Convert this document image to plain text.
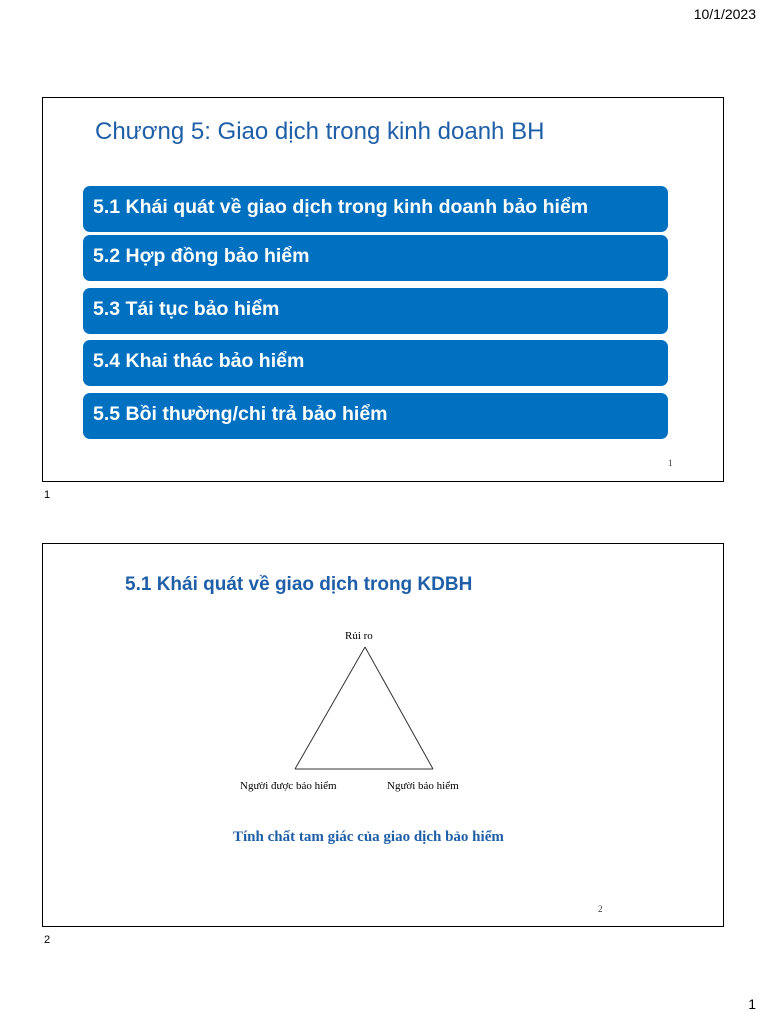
10/1/2023
Chương 5: Giao dịch trong kinh doanh BH
5.1 Khái quát về giao dịch trong kinh doanh bảo hiểm
5.2 Hợp đồng bảo hiểm
5.3 Tái tục bảo hiểm
5.4 Khai thác bảo hiểm
5.5 Bồi thường/chi trả bảo hiểm
1
1
5.1 Khái quát về giao dịch trong KDBH
Rủi ro
Người được bảo hiểm	Người bảo hiểm
Tính chất tam giác của giao dịch bảo hiểm
2
2
1
